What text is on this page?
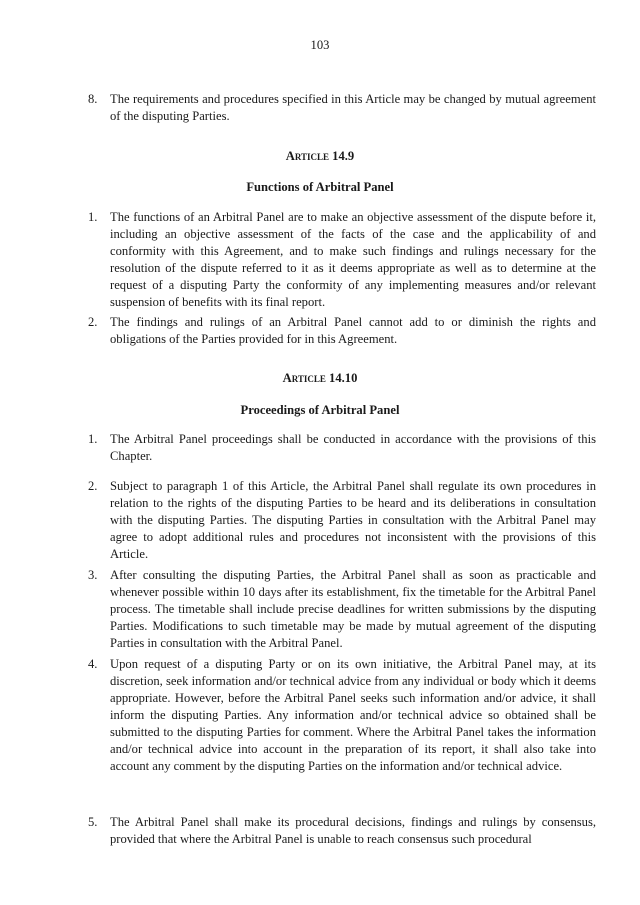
103
8. The requirements and procedures specified in this Article may be changed by mutual agreement of the disputing Parties.
Article 14.9
Functions of Arbitral Panel
1. The functions of an Arbitral Panel are to make an objective assessment of the dispute before it, including an objective assessment of the facts of the case and the applicability of and conformity with this Agreement, and to make such findings and rulings necessary for the resolution of the dispute referred to it as it deems appropriate as well as to determine at the request of a disputing Party the conformity of any implementing measures and/or relevant suspension of benefits with its final report.
2. The findings and rulings of an Arbitral Panel cannot add to or diminish the rights and obligations of the Parties provided for in this Agreement.
Article 14.10
Proceedings of Arbitral Panel
1. The Arbitral Panel proceedings shall be conducted in accordance with the provisions of this Chapter.
2. Subject to paragraph 1 of this Article, the Arbitral Panel shall regulate its own procedures in relation to the rights of the disputing Parties to be heard and its deliberations in consultation with the disputing Parties. The disputing Parties in consultation with the Arbitral Panel may agree to adopt additional rules and procedures not inconsistent with the provisions of this Article.
3. After consulting the disputing Parties, the Arbitral Panel shall as soon as practicable and whenever possible within 10 days after its establishment, fix the timetable for the Arbitral Panel process. The timetable shall include precise deadlines for written submissions by the disputing Parties. Modifications to such timetable may be made by mutual agreement of the disputing Parties in consultation with the Arbitral Panel.
4. Upon request of a disputing Party or on its own initiative, the Arbitral Panel may, at its discretion, seek information and/or technical advice from any individual or body which it deems appropriate. However, before the Arbitral Panel seeks such information and/or advice, it shall inform the disputing Parties. Any information and/or technical advice so obtained shall be submitted to the disputing Parties for comment. Where the Arbitral Panel takes the information and/or technical advice into account in the preparation of its report, it shall also take into account any comment by the disputing Parties on the information and/or technical advice.
5. The Arbitral Panel shall make its procedural decisions, findings and rulings by consensus, provided that where the Arbitral Panel is unable to reach consensus such procedural
